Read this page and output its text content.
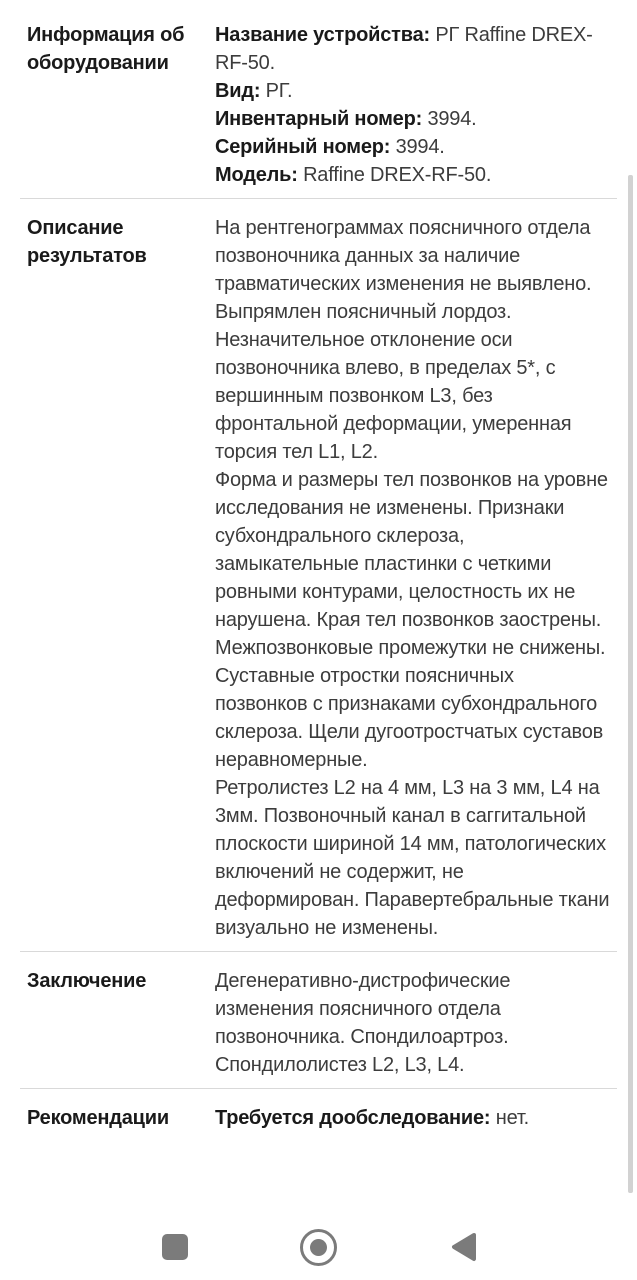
Информация об оборудовании

Название устройства: РГ Raffine DREX-RF-50.

Вид: РГ.

Инвентарный номер: 3994.

Серийный номер: 3994.

Модель: Raffine DREX-RF-50.

Описание результатов

На рентгенограммах поясничного отдела позвоночника данных за наличие травматических изменения не выявлено. Выпрямлен поясничный лордоз. Незначительное отклонение оси позвоночника влево, в пределах 5*, с вершинным позвонком L3, без фронтальной деформации, умеренная торсия тел L1, L2.

Форма и размеры тел позвонков на уровне исследования не изменены. Признаки субхондрального склероза, замыкательные пластинки с четкими ровными контурами, целостность их не нарушена. Края тел позвонков заострены. Межпозвонковые промежутки не снижены. Суставные отростки поясничных позвонков с признаками субхондрального склероза. Щели дугоотростчатых суставов неравномерные.

Ретролистез L2 на 4 мм, L3 на 3 мм, L4 на 3мм. Позвоночный канал в саггитальной плоскости шириной 14 мм, патологических включений не содержит, не деформирован. Паравертебральные ткани визуально не изменены.

Заключение	Дегенеративно-дистрофические изменения поясничного отдела позвоночника. Спондилоартроз. Спондилолистез L2, L3, L4.

Рекомендации	Требуется дообследование: нет.
